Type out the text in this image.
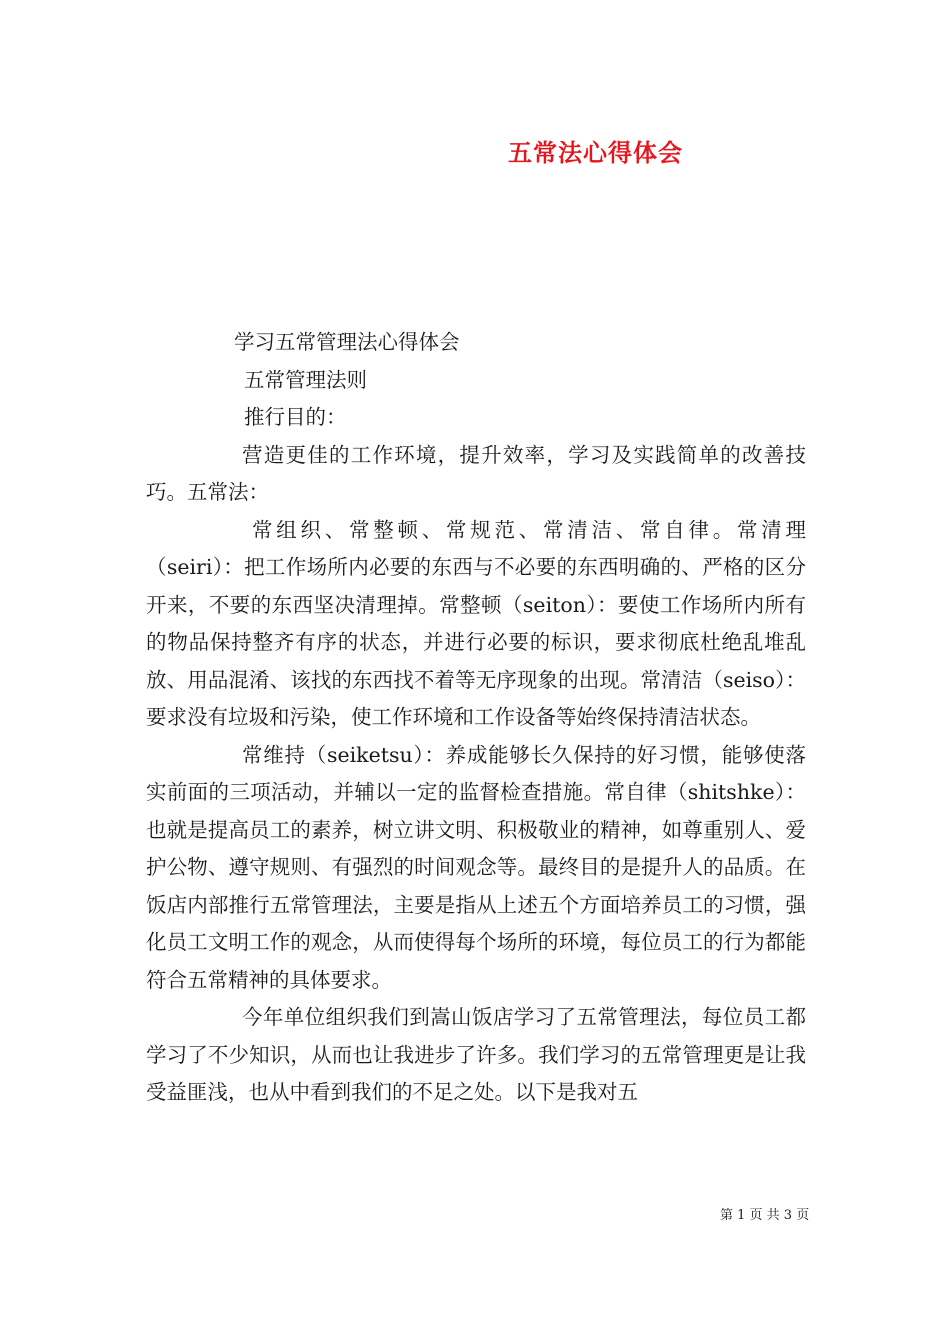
五常法心得体会

学习五常管理法心得体会

五常管理法则

推行目的：

营造更佳的工作环境，提升效率，学习及实践简单的改善技巧。五常法：

常组织、常整顿、常规范、常清洁、常自律。常清理（seiri）：把工作场所内必要的东西与不必要的东西明确的、严格的区分开来，不要的东西坚决清理掉。常整顿（seiton）：要使工作场所内所有的物品保持整齐有序的状态，并进行必要的标识，要求彻底杜绝乱堆乱放、用品混淆、该找的东西找不着等无序现象的出现。常清洁（seiso）：要求没有垃圾和污染，使工作环境和工作设备等始终保持清洁状态。

常维持（seiketsu）：养成能够长久保持的好习惯，能够使落实前面的三项活动，并辅以一定的监督检查措施。常自律（shitshke）：也就是提高员工的素养，树立讲文明、积极敬业的精神，如尊重别人、爱护公物、遵守规则、有强烈的时间观念等。最终目的是提升人的品质。在饭店内部推行五常管理法，主要是指从上述五个方面培养员工的习惯，强化员工文明工作的观念，从而使得每个场所的环境，每位员工的行为都能符合五常精神的具体要求。

今年单位组织我们到嵩山饭店学习了五常管理法，每位员工都学习了不少知识，从而也让我进步了许多。我们学习的五常管理更是让我受益匪浅，也从中看到我们的不足之处。以下是我对五

第 1 页 共 3 页
